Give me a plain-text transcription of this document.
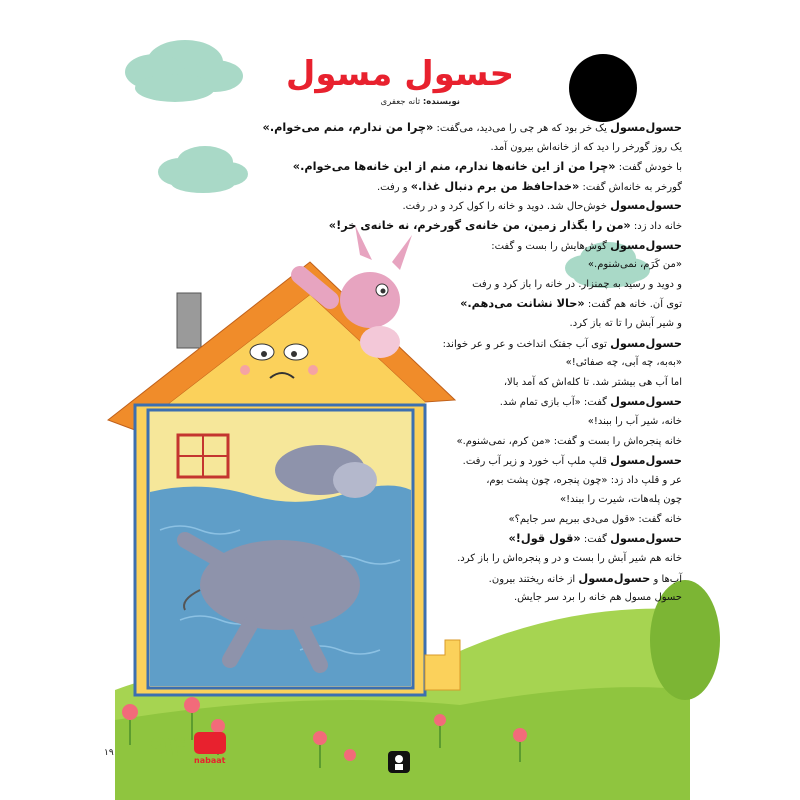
حسول مسول
نویسنده: ثانه جعفری
حسول‌مسول یک خر بود که هر چی را می‌دید، می‌گفت: «چرا من ندارم، منم می‌خوام.»
یک روز گورخر را دید که از خانه‌اش بیرون آمد.
با خودش گفت: «چرا من از این خانه‌ها ندارم، منم از این خانه‌ها می‌خوام.»
گورخر به خانه‌اش گفت: «خداحافظ من برم دنبال غذا.» و رفت.
حسول‌مسول خوش‌حال شد. دوید و خانه را کول کرد و در رفت.
خانه داد زد: «من را بگذار زمین، من خانه‌ی گورخرم، نه خانه‌ی خر!»
حسول‌مسول گوش‌هایش را بست و گفت:
«من کَرَم، نمی‌شنوم.»
و دوید و رسید به چمنزار. در خانه را باز کرد و رفت
توی آن. خانه هم گفت: «حالا نشانت می‌دهم.»
و شیر آبش را تا ته باز کرد.
حسول‌مسول توی آب جفتک انداخت و عر و عر خواند:
«به‌به، چه آبی، چه صفائی!»
اما آب هی بیشتر شد. تا کله‌اش که آمد بالا،
حسول‌مسول گفت: «آب بازی تمام شد.
خانه، شیر آب را ببند!»
خانه پنجره‌اش را بست و گفت: «من کرم، نمی‌شنوم.»
حسول‌مسول قلپ ملپ آب خورد و زیر آب رفت.
عر و قلپ داد زد: «چون پنجره، چون پشت بوم،
چون پله‌هات، شیرت را ببند!»
خانه گفت: «قول می‌دی ببریم سر جایم؟»
حسول‌مسول گفت: «قول قول!»
خانه هم شیر آبش را بست و در و پنجره‌اش را باز کرد.
آب‌ها و حسول‌مسول از خانه ریختند بیرون.
حسول مسول هم خانه را برد سر جایش.
۹۴ nabaat
۱۹
